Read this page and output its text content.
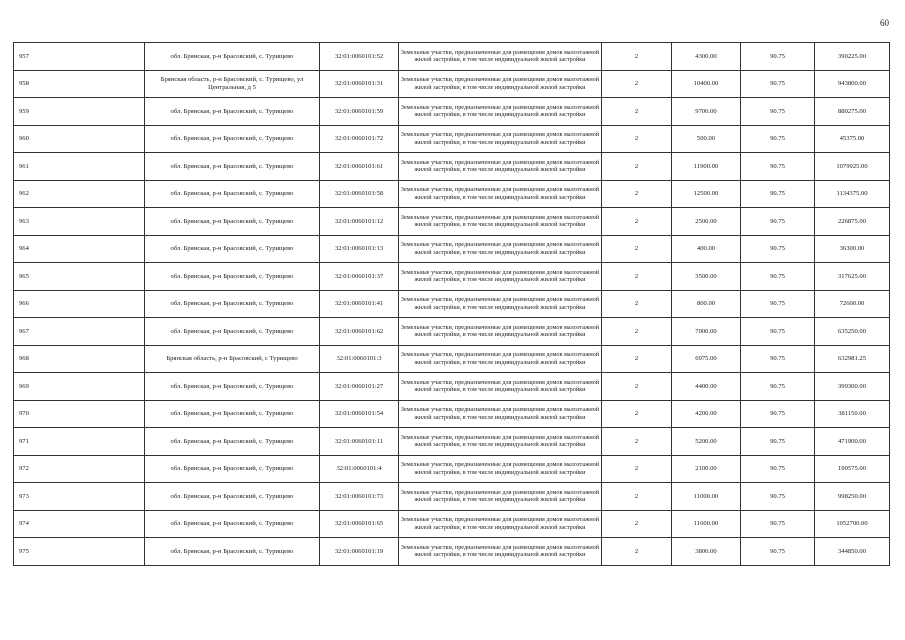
60
957	обл. Брянская, р-н Брасовский, с. Турищево	32:01:0060101:52	Земельные участки, предназначенные для размещения домов малоэтажной жилой застройки, в том числе индивидуальной жилой застройки	2	4300.00	90.75	390225.00
958	Брянская область, р-н Брасовский, с. Турищево, ул Центральная, д 5	32:01:0060101:31	Земельные участки, предназначенные для размещения домов малоэтажной жилой застройки, в том числе индивидуальной жилой застройки	2	10400.00	90.75	943800.00
959	обл. Брянская, р-н Брасовский, с. Турищево	32:01:0060101:59	Земельные участки, предназначенные для размещения домов малоэтажной жилой застройки, в том числе индивидуальной жилой застройки	2	9700.00	90.75	880275.00
960	обл. Брянская, р-н Брасовский, с. Турищево	32:01:0060101:72	Земельные участки, предназначенные для размещения домов малоэтажной жилой застройки, в том числе индивидуальной жилой застройки	2	500.00	90.75	45375.00
961	обл. Брянская, р-н Брасовский, с. Турищево	32:01:0060101:61	Земельные участки, предназначенные для размещения домов малоэтажной жилой застройки, в том числе индивидуальной жилой застройки	2	11900.00	90.75	1079925.00
962	обл. Брянская, р-н Брасовский, с. Турищево	32:01:0060101:58	Земельные участки, предназначенные для размещения домов малоэтажной жилой застройки, в том числе индивидуальной жилой застройки	2	12500.00	90.75	1134375.00
963	обл. Брянская, р-н Брасовский, с. Турищево	32:01:0060101:12	Земельные участки, предназначенные для размещения домов малоэтажной жилой застройки, в том числе индивидуальной жилой застройки	2	2500.00	90.75	226875.00
964	обл. Брянская, р-н Брасовский, с. Турищево	32:01:0060101:13	Земельные участки, предназначенные для размещения домов малоэтажной жилой застройки, в том числе индивидуальной жилой застройки	2	400.00	90.75	36300.00
965	обл. Брянская, р-н Брасовский, с. Турищево	32:01:0060101:37	Земельные участки, предназначенные для размещения домов малоэтажной жилой застройки, в том числе индивидуальной жилой застройки	2	3500.00	90.75	317625.00
966	обл. Брянская, р-н Брасовский, с. Турищево	32:01:0060101:41	Земельные участки, предназначенные для размещения домов малоэтажной жилой застройки, в том числе индивидуальной жилой застройки	2	800.00	90.75	72600.00
967	обл. Брянская, р-н Брасовский, с. Турищево	32:01:0060101:62	Земельные участки, предназначенные для размещения домов малоэтажной жилой застройки, в том числе индивидуальной жилой застройки	2	7000.00	90.75	635250.00
968	Брянская область, р-н Брасовский, с Турищево	32:01:0060101:3	Земельные участки, предназначенные для размещения домов малоэтажной жилой застройки, в том числе индивидуальной жилой застройки	2	6975.00	90.75	632981.25
969	обл. Брянская, р-н Брасовский, с. Турищево	32:01:0060101:27	Земельные участки, предназначенные для размещения домов малоэтажной жилой застройки, в том числе индивидуальной жилой застройки	2	4400.00	90.75	399300.00
970	обл. Брянская, р-н Брасовский, с. Турищево	32:01:0060101:54	Земельные участки, предназначенные для размещения домов малоэтажной жилой застройки, в том числе индивидуальной жилой застройки	2	4200.00	90.75	381150.00
971	обл. Брянская, р-н Брасовский, с. Турищево	32:01:0060101:11	Земельные участки, предназначенные для размещения домов малоэтажной жилой застройки, в том числе индивидуальной жилой застройки	2	5200.00	90.75	471900.00
972	обл. Брянская, р-н Брасовский, с. Турищево	32:01:0060101:4	Земельные участки, предназначенные для размещения домов малоэтажной жилой застройки, в том числе индивидуальной жилой застройки	2	2100.00	90.75	190575.00
973	обл. Брянская, р-н Брасовский, с. Турищево	32:01:0060101:73	Земельные участки, предназначенные для размещения домов малоэтажной жилой застройки, в том числе индивидуальной жилой застройки	2	11000.00	90.75	998250.00
974	обл. Брянская, р-н Брасовский, с. Турищево	32:01:0060101:65	Земельные участки, предназначенные для размещения домов малоэтажной жилой застройки, в том числе индивидуальной жилой застройки	2	11600.00	90.75	1052700.00
975	обл. Брянская, р-н Брасовский, с. Турищево	32:01:0060101:19	Земельные участки, предназначенные для размещения домов малоэтажной жилой застройки, в том числе индивидуальной жилой застройки	2	3800.00	90.75	344850.00
